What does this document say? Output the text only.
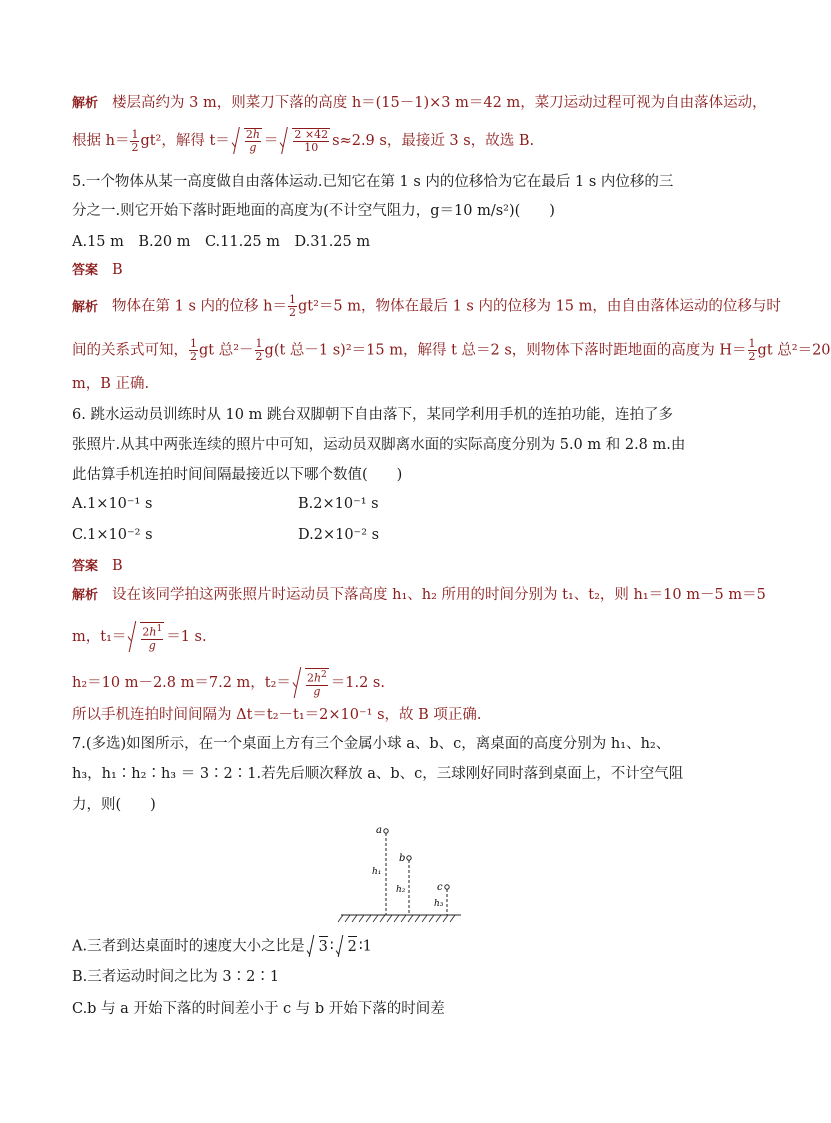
解析 楼层高约为 3 m，则菜刀下落的高度 h＝(15－1)×3 m＝42 m，菜刀运动过程可视为自由落体运动，
根据 $h= \frac{1}{2} gt^2$，解得 $t= \frac{2h}{g} = \frac{2 \times 42}{10} s\approx 2.9$ s，最接近 3 s，故选 B.
5.一个物体从某一高度做自由落体运动.已知它在第 1 s 内的位移恰为它在最后 1 s 内位移的三
分之一.则它开始下落时距地面的高度为(不计空气阻力，g＝10 m/s²)(　　)
A.15 m　B.20 m　C.11.25 m　D.31.25 m
答案 B
解析 物体在第 1 s 内的位移 $h= \frac{1}{2} gt^2=5$ m，物体在最后 1 s 内的位移为 15 m，由自由落体运动的位移与时
间的关系式可知， $\frac{1}{2}$ gt 总$^2- \frac{1}{2} g(t$ 总－1 s)²＝15 m，解得 t 总＝2 s，则物体下落时距地面的高度为 $H= \frac{1}{2}$ gt 总²＝20
m，B 正确.
6. 跳水运动员训练时从 10 m 跳台双脚朝下自由落下，某同学利用手机的连拍功能，连拍了多
张照片.从其中两张连续的照片中可知，运动员双脚离水面的实际高度分别为 5.0 m 和 2.8 m.由
此估算手机连拍时间间隔最接近以下哪个数值(　　)
A.1×10⁻¹ s	B.2×10⁻¹ s
C.1×10⁻² s	D.2×10⁻² s
答案 B
解析 设在该同学拍这两张照片时运动员下落高度 h₁、h₂ 所用的时间分别为 t₁、t₂，则 h₁＝10 m－5 m＝5
m，$t_1= \frac{2h^1}{g} =1$ s.
h₂＝10 m－2.8 m＝7.2 m，$t_2= \frac{2h^2}{g} =1.2$ s.
所以手机连拍时间间隔为 Δt＝t₂－t₁＝2×10⁻¹ s，故 B 项正确.
7.(多选)如图所示，在一个桌面上方有三个金属小球 a、b、c，离桌面的高度分别为 h₁、h₂、
h₃，h₁∶h₂∶h₃ ＝ 3∶2∶1.若先后顺次释放 a、b、c，三球刚好同时落到桌面上，不计空气阻
力，则(　　)
a
b
c
h₁
h₂
h₃
A.三者到达桌面时的速度大小之比是 3 ∶ 2 ∶1
B.三者运动时间之比为 3∶2∶1
C.b 与 a 开始下落的时间差小于 c 与 b 开始下落的时间差
